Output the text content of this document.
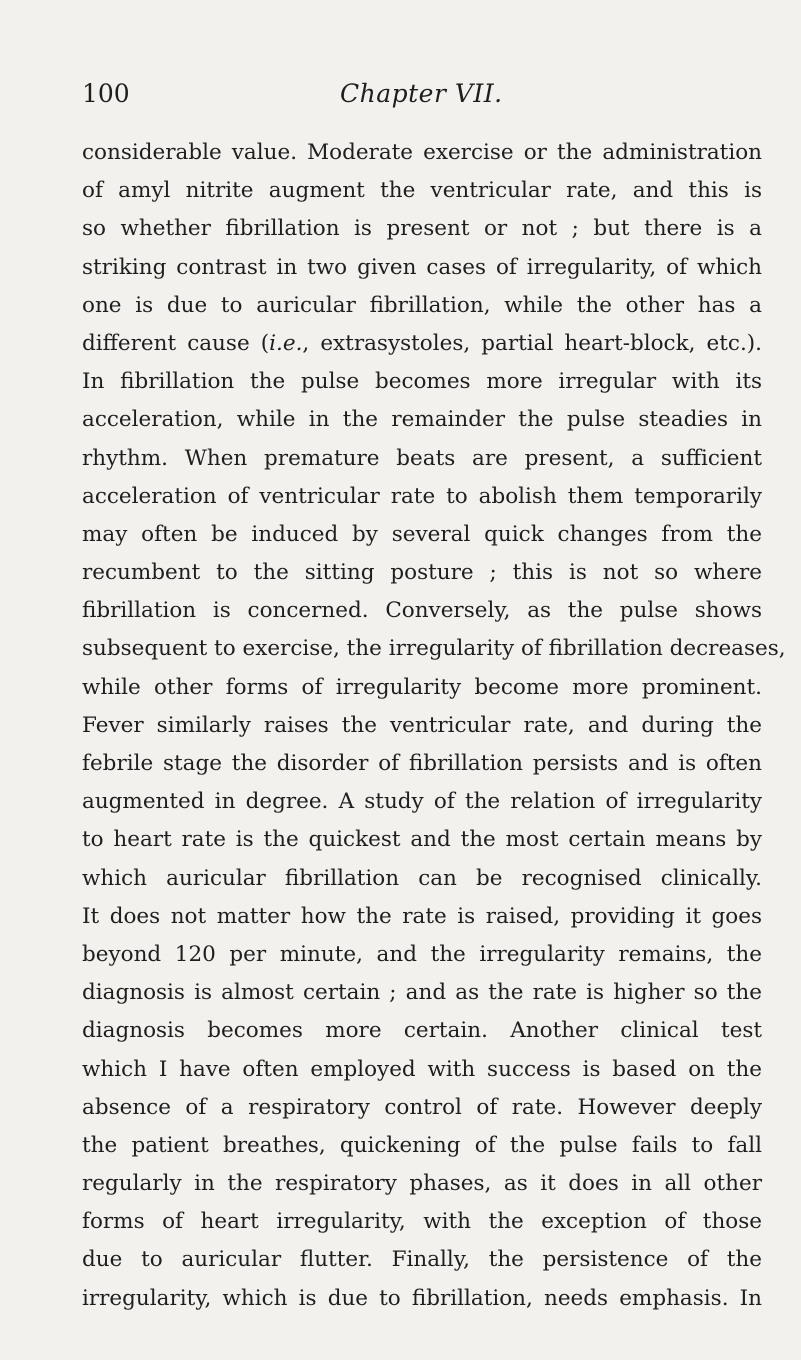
100	Chapter VII.
considerable value. Moderate exercise or the administration
of amyl nitrite augment the ventricular rate, and this is
so whether fibrillation is present or not ; but there is a
striking contrast in two given cases of irregularity, of which
one is due to auricular fibrillation, while the other has a
different cause (i.e., extrasystoles, partial heart-block, etc.).
In fibrillation the pulse becomes more irregular with its
acceleration, while in the remainder the pulse steadies in
rhythm. When premature beats are present, a sufficient
acceleration of ventricular rate to abolish them temporarily
may often be induced by several quick changes from the
recumbent to the sitting posture ; this is not so where
fibrillation is concerned. Conversely, as the pulse shows
subsequent to exercise, the irregularity of fibrillation decreases,
while other forms of irregularity become more prominent.
Fever similarly raises the ventricular rate, and during the
febrile stage the disorder of fibrillation persists and is often
augmented in degree. A study of the relation of irregularity
to heart rate is the quickest and the most certain means by
which auricular fibrillation can be recognised clinically.
It does not matter how the rate is raised, providing it goes
beyond 120 per minute, and the irregularity remains, the
diagnosis is almost certain ; and as the rate is higher so the
diagnosis becomes more certain. Another clinical test
which I have often employed with success is based on the
absence of a respiratory control of rate. However deeply
the patient breathes, quickening of the pulse fails to fall
regularly in the respiratory phases, as it does in all other
forms of heart irregularity, with the exception of those
due to auricular flutter. Finally, the persistence of the
irregularity, which is due to fibrillation, needs emphasis. In
